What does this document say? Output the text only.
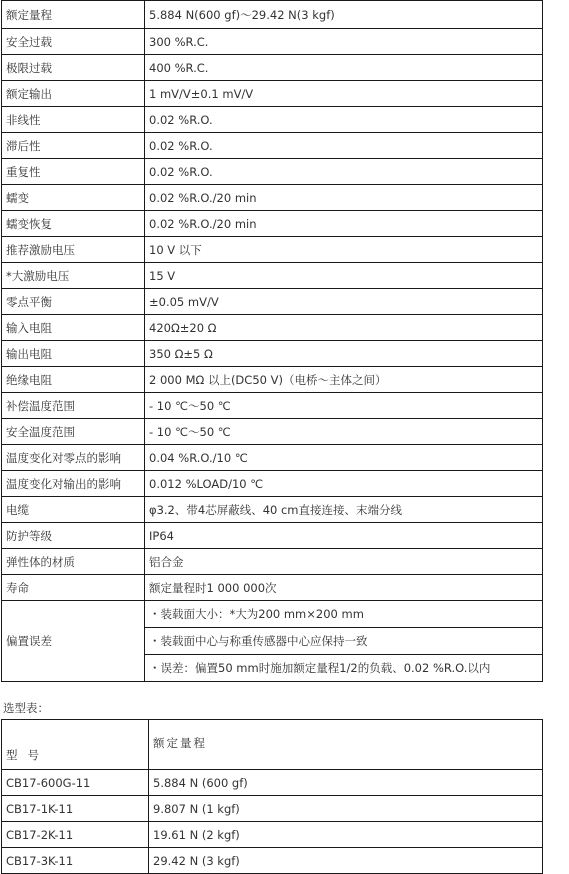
额定量程	5.884 N(600 gf)～29.42 N(3 kgf)
安全过载	300 %R.C.
极限过载	400 %R.C.
额定输出	1 mV/V±0.1 mV/V
非线性	0.02 %R.O.
滞后性	0.02 %R.O.
重复性	0.02 %R.O.
蠕变	0.02 %R.O./20 min
蠕变恢复	0.02 %R.O./20 min
推荐激励电压	10 V 以下
*大激励电压	15 V
零点平衡	±0.05 mV/V
输入电阻	420Ω±20 Ω
输出电阻	350 Ω±5 Ω
绝缘电阻	2 000 MΩ 以上(DC50 V)（电桥～主体之间）
补偿温度范围	- 10 ℃～50 ℃
安全温度范围	- 10 ℃～50 ℃
温度变化对零点的影响	0.04 %R.O./10 ℃
温度变化对输出的影响	0.012 %LOAD/10 ℃
电缆	φ3.2、带4芯屏蔽线、40 cm直接连接、末端分线
防护等级	IP64
弹性体的材质	铝合金
寿命	额定量程时1 000 000次
偏置误差	・装载面大小：*大为200 mm×200 mm
・装载面中心与称重传感器中心应保持一致
・误差：偏置50 mm时施加额定量程1/2的负载、0.02 %R.O.以内
选型表：
型号	额定量程
CB17-600G-11	5.884 N (600 gf)
CB17-1K-11	9.807 N (1 kgf)
CB17-2K-11	19.61 N (2 kgf)
CB17-3K-11	29.42 N (3 kgf)
